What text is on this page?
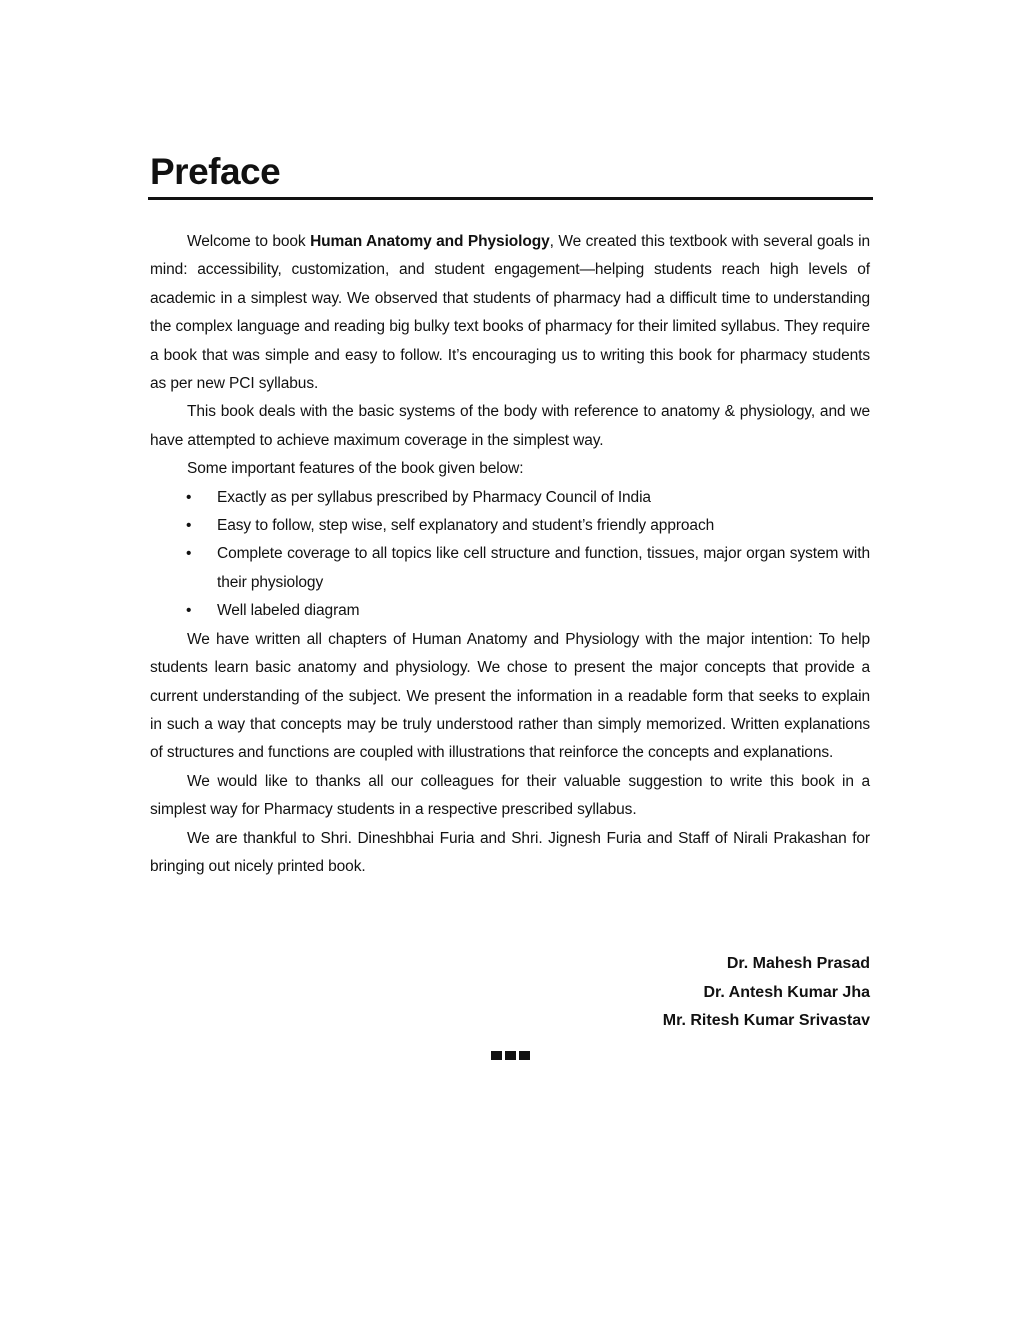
Preface

Welcome to book Human Anatomy and Physiology, We created this textbook with several goals in mind: accessibility, customization, and student engagement—helping students reach high levels of academic in a simplest way. We observed that students of pharmacy had a difficult time to understanding the complex language and reading big bulky text books of pharmacy for their limited syllabus. They require a book that was simple and easy to follow. It’s encouraging us to writing this book for pharmacy students as per new PCI syllabus.

This book deals with the basic systems of the body with reference to anatomy & physiology, and we have attempted to achieve maximum coverage in the simplest way.

Some important features of the book given below:

• Exactly as per syllabus prescribed by Pharmacy Council of India
• Easy to follow, step wise, self explanatory and student’s friendly approach
• Complete coverage to all topics like cell structure and function, tissues, major organ system with their physiology
• Well labeled diagram

We have written all chapters of Human Anatomy and Physiology with the major intention: To help students learn basic anatomy and physiology. We chose to present the major concepts that provide a current understanding of the subject. We present the information in a readable form that seeks to explain in such a way that concepts may be truly understood rather than simply memorized. Written explanations of structures and functions are coupled with illustrations that reinforce the concepts and explanations.

We would like to thanks all our colleagues for their valuable suggestion to write this book in a simplest way for Pharmacy students in a respective prescribed syllabus.

We are thankful to Shri. Dineshbhai Furia and Shri. Jignesh Furia and Staff of Nirali Prakashan for bringing out nicely printed book.

Dr. Mahesh Prasad
Dr. Antesh Kumar Jha
Mr. Ritesh Kumar Srivastav
